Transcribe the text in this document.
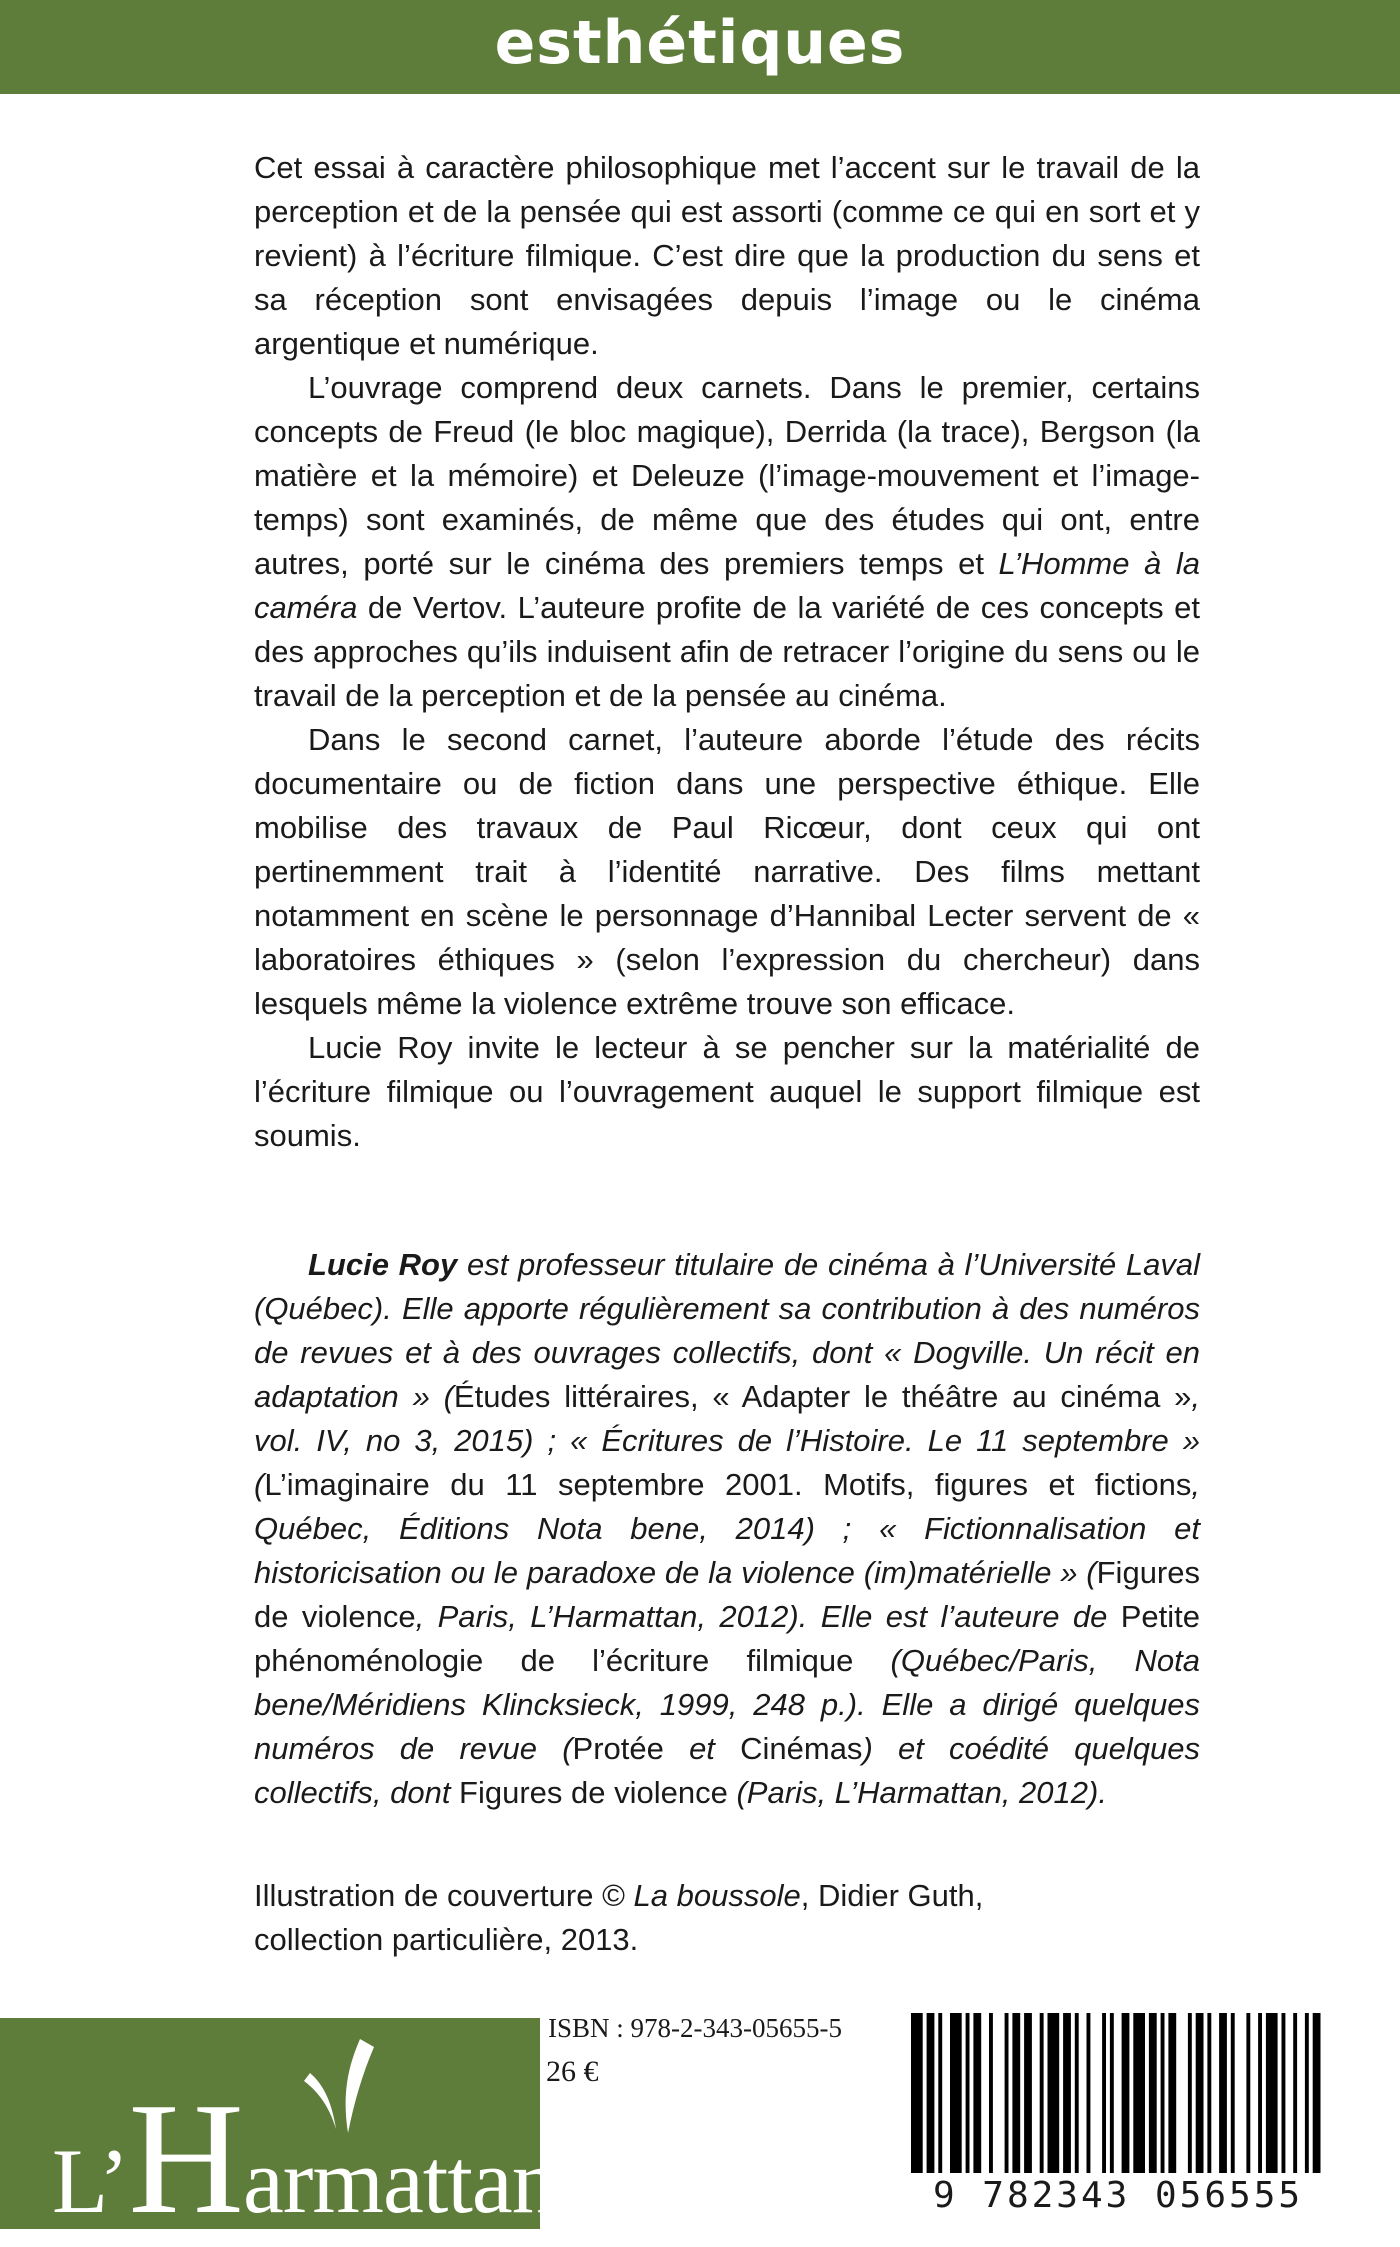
esthétiques

Cet essai à caractère philosophique met l’accent sur le travail de la perception et de la pensée qui est assorti (comme ce qui en sort et y revient) à l’écriture filmique. C’est dire que la production du sens et sa réception sont envisagées depuis l’image ou le cinéma argentique et numérique.

L’ouvrage comprend deux carnets. Dans le premier, certains concepts de Freud (le bloc magique), Derrida (la trace), Bergson (la matière et la mémoire) et Deleuze (l’image-mouvement et l’image-temps) sont examinés, de même que des études qui ont, entre autres, porté sur le cinéma des premiers temps et L’Homme à la caméra de Vertov. L’auteure profite de la variété de ces concepts et des approches qu’ils induisent afin de retracer l’origine du sens ou le travail de la perception et de la pensée au cinéma.

Dans le second carnet, l’auteure aborde l’étude des récits documentaire ou de fiction dans une perspective éthique. Elle mobilise des travaux de Paul Ricœur, dont ceux qui ont pertinemment trait à l’identité narrative. Des films mettant notamment en scène le personnage d’Hannibal Lecter servent de « laboratoires éthiques » (selon l’expression du chercheur) dans lesquels même la violence extrême trouve son efficace.

Lucie Roy invite le lecteur à se pencher sur la matérialité de l’écriture filmique ou l’ouvragement auquel le support filmique est soumis.

Lucie Roy est professeur titulaire de cinéma à l’Université Laval (Québec). Elle apporte régulièrement sa contribution à des numéros de revues et à des ouvrages collectifs, dont « Dogville. Un récit en adaptation » (Études littéraires, « Adapter le théâtre au cinéma », vol. IV, no 3, 2015) ; « Écritures de l’Histoire. Le 11 septembre » (L’imaginaire du 11 septembre 2001. Motifs, figures et fictions, Québec, Éditions Nota bene, 2014) ; « Fictionnalisation et historicisation ou le paradoxe de la violence (im)matérielle » (Figures de violence, Paris, L’Harmattan, 2012). Elle est l’auteure de Petite phénoménologie de l’écriture filmique (Québec/Paris, Nota bene/Méridiens Klincksieck, 1999, 248 p.). Elle a dirigé quelques numéros de revue (Protée et Cinémas) et coédité quelques collectifs, dont Figures de violence (Paris, L’Harmattan, 2012).

Illustration de couverture © La boussole, Didier Guth,

collection particulière, 2013.

L’Harmattan
ISBN : 978-2-343-05655-5
26 €
9 782343 056555
